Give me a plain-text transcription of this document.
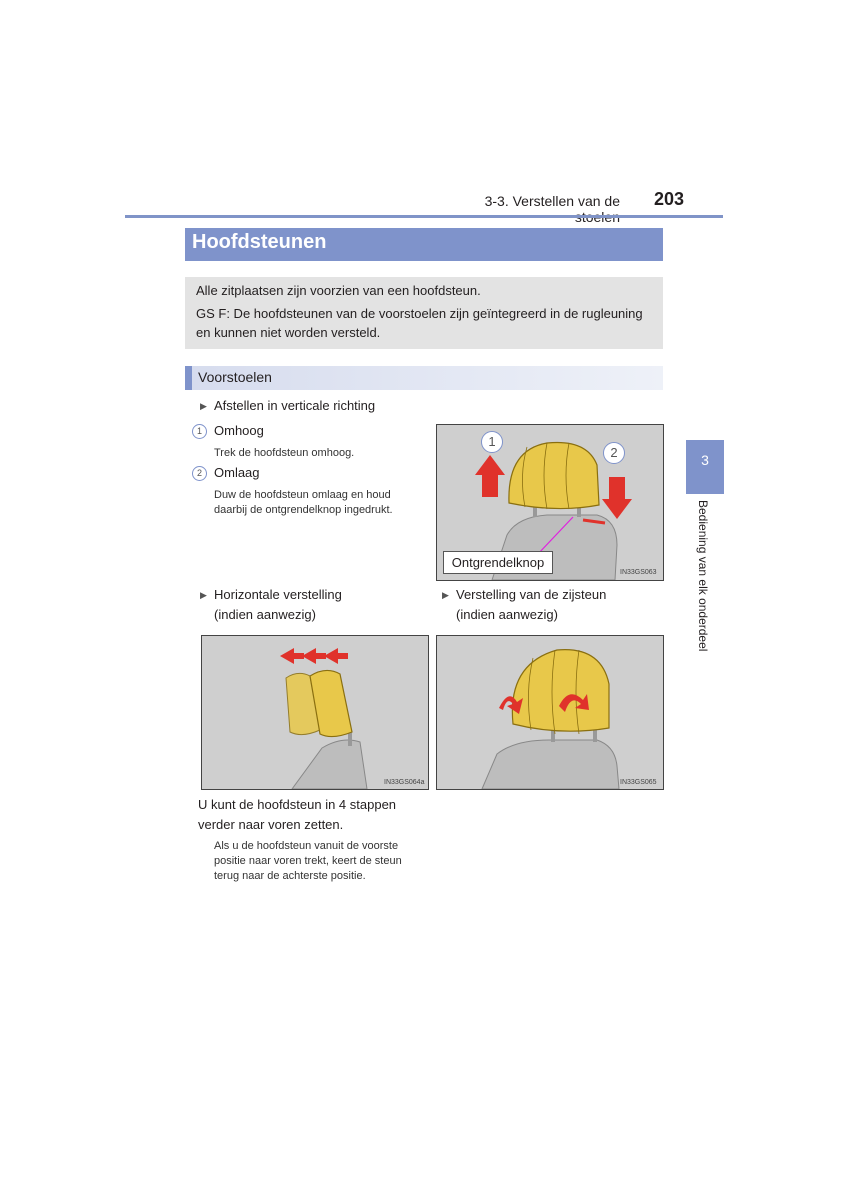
3-3. Verstellen van de	203
Hoofdsteunen
Alle zitplaatsen zijn voorzien van een hoofdsteun.
GS F: De hoofdsteunen van de voorstoelen zijn geïntegreerd in de rugleuning
en kunnen niet worden versteld.
Voorstoelen
▶ Afstellen in verticale richting
1 Omhoog
Trek de hoofdsteun omhoog.
2 Omlaag
Duw de hoofdsteun omlaag en houd
daarbij de ontgrendelknop ingedrukt.
1
2
Ontgrendelknop
IN33GS063
▶ Horizontale verstelling
(indien aanwezig)
▶ Verstelling van de zijsteun
(indien aanwezig)
IN33GS064a	IN33GS065
U kunt de hoofdsteun in 4 stappen
verder naar voren zetten.
Als u de hoofdsteun vanuit de voorste
positie naar voren trekt, keert de steun
terug naar de achterste positie.
3
Bediening van elk onderdeel
